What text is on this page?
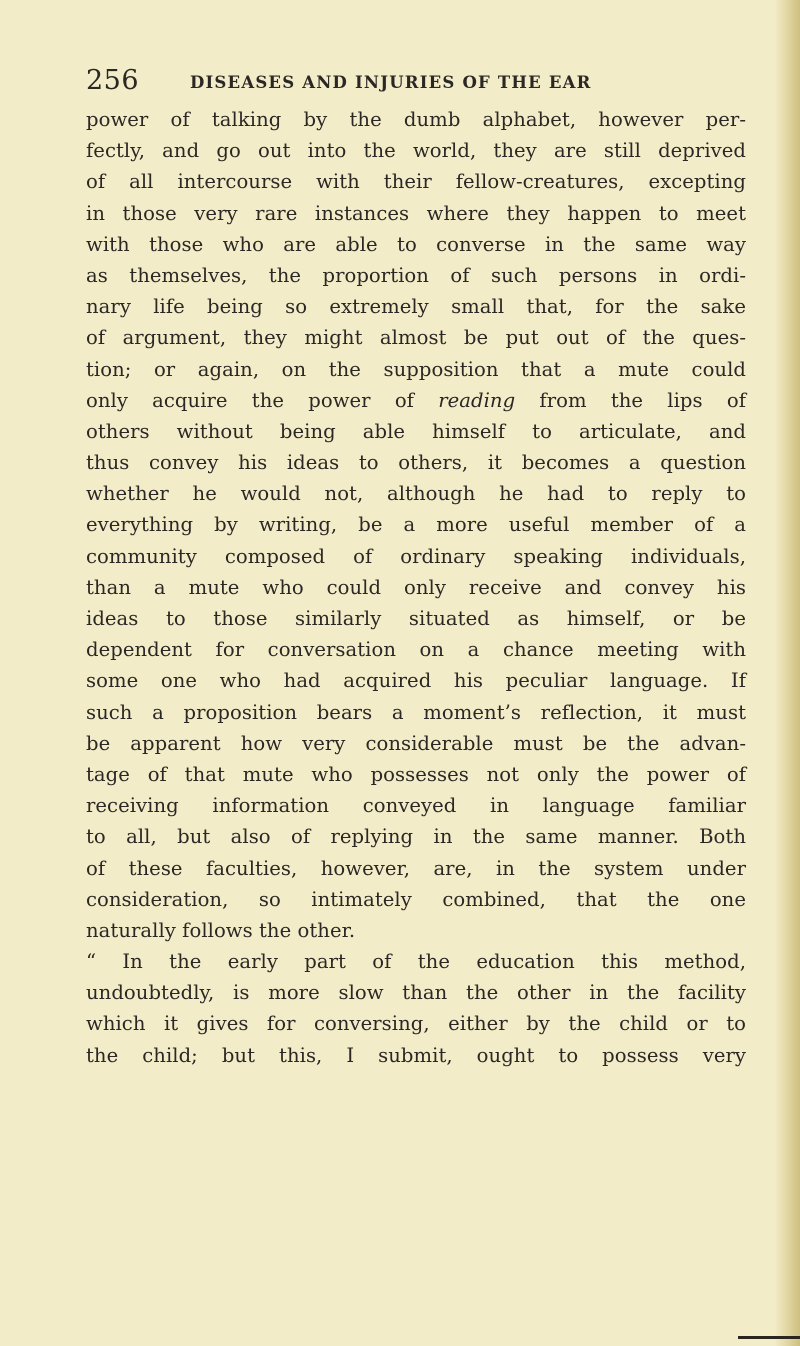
256	DISEASES AND INJURIES OF THE EAR
power of talking by the dumb alphabet, however per-
fectly, and go out into the world, they are still deprived
of all intercourse with their fellow-creatures, excepting
in those very rare instances where they happen to meet
with those who are able to converse in the same way
as themselves, the proportion of such persons in ordi-
nary life being so extremely small that, for the sake
of argument, they might almost be put out of the ques-
tion; or again, on the supposition that a mute could
only acquire the power of reading from the lips of
others without being able himself to articulate, and
thus convey his ideas to others, it becomes a question
whether he would not, although he had to reply to
everything by writing, be a more useful member of a
community composed of ordinary speaking individuals,
than a mute who could only receive and convey his
ideas to those similarly situated as himself, or be
dependent for conversation on a chance meeting with
some one who had acquired his peculiar language. If
such a proposition bears a moment’s reflection, it must
be apparent how very considerable must be the advan-
tage of that mute who possesses not only the power of
receiving information conveyed in language familiar
to all, but also of replying in the same manner. Both
of these faculties, however, are, in the system under
consideration, so intimately combined, that the one
naturally follows the other.
“ In the early part of the education this method,
undoubtedly, is more slow than the other in the facility
which it gives for conversing, either by the child or to
the child; but this, I submit, ought to possess very
